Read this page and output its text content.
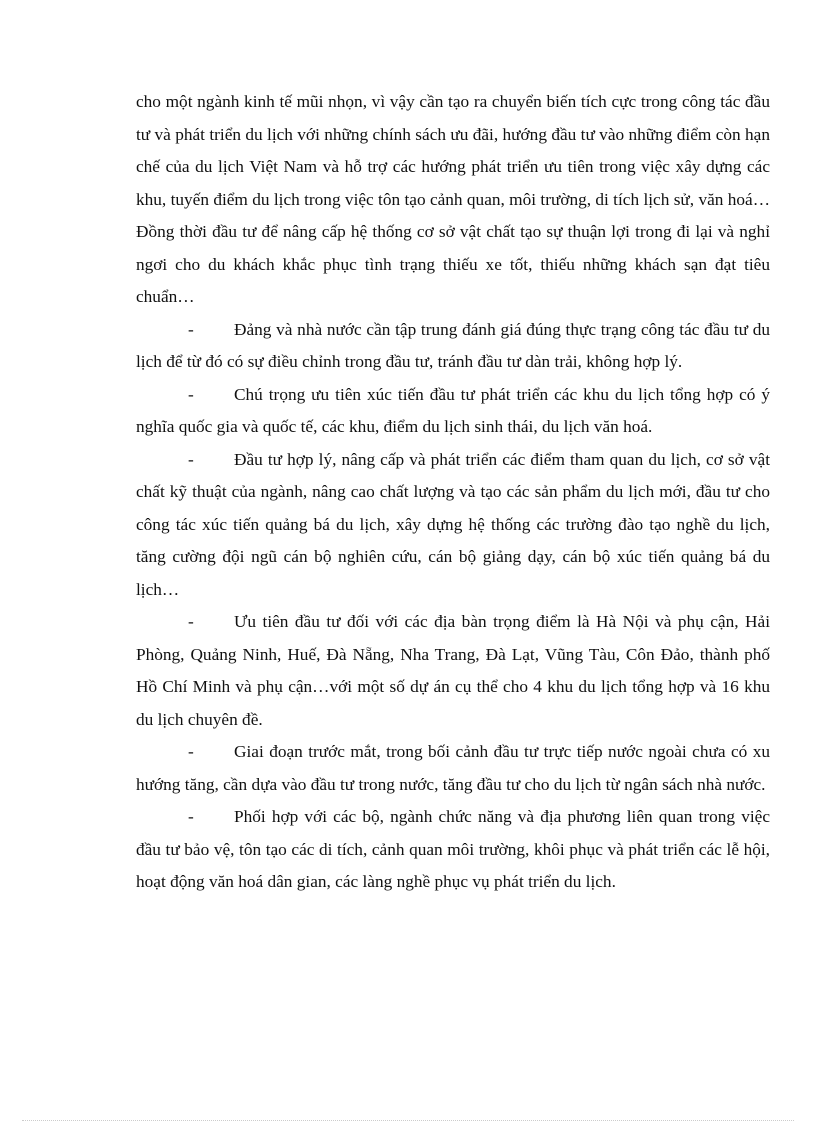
cho một ngành kinh tế mũi nhọn, vì vậy cần tạo ra chuyển biến tích cực trong công tác đầu tư và phát triển du lịch với những chính sách ưu đãi, hướng đầu tư vào những điểm còn hạn chế của du lịch Việt Nam và hỗ trợ các hướng phát triển ưu tiên trong việc xây dựng các khu, tuyến điểm du lịch trong việc tôn tạo cảnh quan, môi trường, di tích lịch sử, văn hoá… Đồng thời đầu tư để nâng cấp hệ thống cơ sở vật chất tạo sự thuận lợi trong đi lại và nghỉ ngơi cho du khách khắc phục tình trạng thiếu xe tốt, thiếu những khách sạn đạt tiêu chuẩn…

- Đảng và nhà nước cần tập trung đánh giá đúng thực trạng công tác đầu tư du lịch để từ đó có sự điều chỉnh trong đầu tư, tránh đầu tư dàn trải, không hợp lý.

- Chú trọng ưu tiên xúc tiến đầu tư phát triển các khu du lịch tổng hợp có ý nghĩa quốc gia và quốc tế, các khu, điểm du lịch sinh thái, du lịch văn hoá.

- Đầu tư hợp lý, nâng cấp và phát triển các điểm tham quan du lịch, cơ sở vật chất kỹ thuật của ngành, nâng cao chất lượng và tạo các sản phẩm du lịch mới, đầu tư cho công tác xúc tiến quảng bá du lịch, xây dựng hệ thống các trường đào tạo nghề du lịch, tăng cường đội ngũ cán bộ nghiên cứu, cán bộ giảng dạy, cán bộ xúc tiến quảng bá du lịch…

- Ưu tiên đầu tư đối với các địa bàn trọng điểm là Hà Nội và phụ cận, Hải Phòng, Quảng Ninh, Huế, Đà Nẵng, Nha Trang, Đà Lạt, Vũng Tàu, Côn Đảo, thành phố Hồ Chí Minh và phụ cận…với một số dự án cụ thể cho 4 khu du lịch tổng hợp và 16 khu du lịch chuyên đề.

- Giai đoạn trước mắt, trong bối cảnh đầu tư trực tiếp nước ngoài chưa có xu hướng tăng, cần dựa vào đầu tư trong nước, tăng đầu tư cho du lịch từ ngân sách nhà nước.

- Phối hợp với các bộ, ngành chức năng và địa phương liên quan trong việc đầu tư bảo vệ, tôn tạo các di tích, cảnh quan môi trường, khôi phục và phát triển các lễ hội, hoạt động văn hoá dân gian, các làng nghề phục vụ phát triển du lịch.
